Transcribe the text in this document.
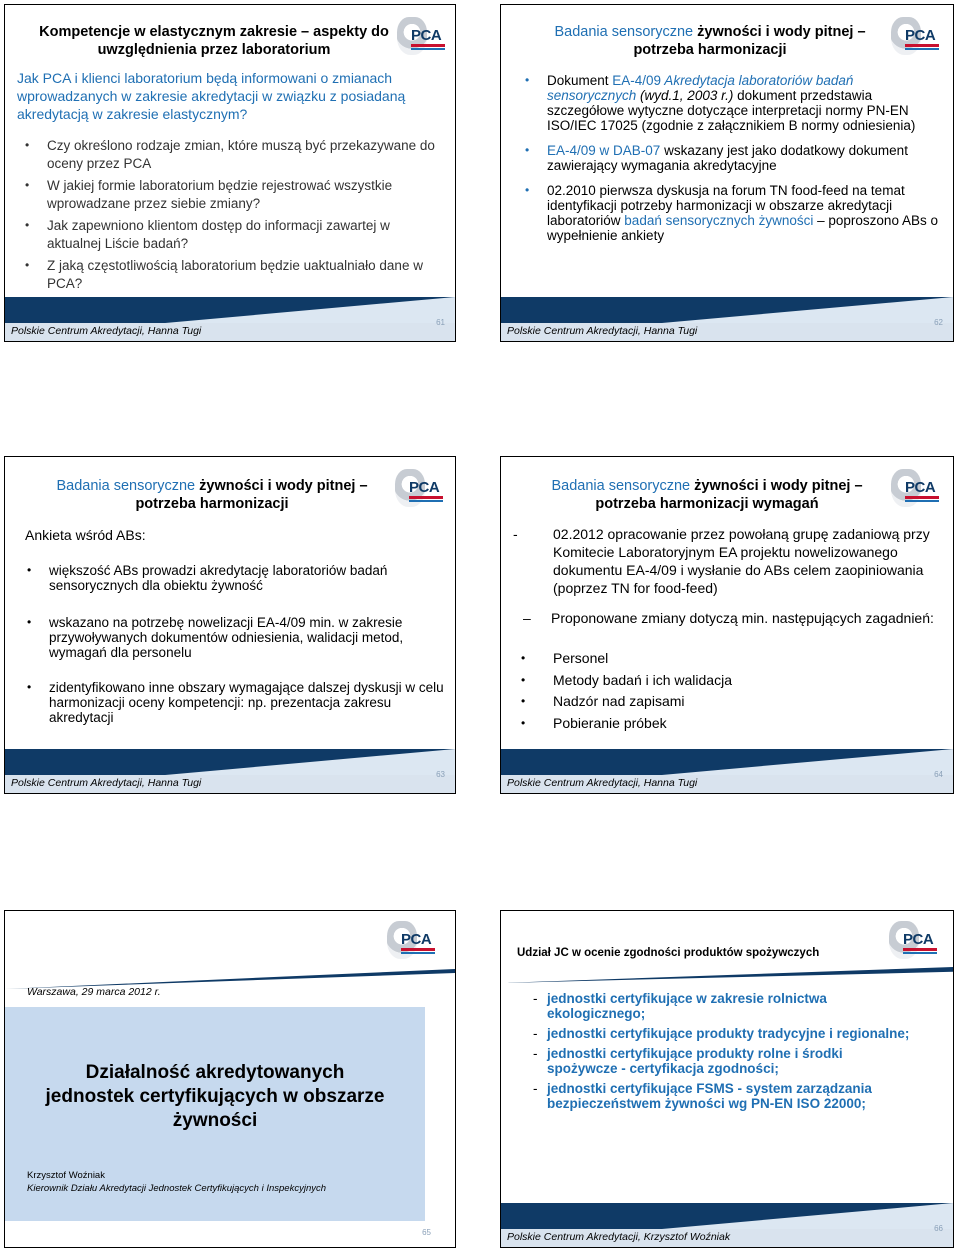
PCA
Kompetencje w elastycznym zakresie – aspekty do uwzględnienia przez laboratorium
Jak PCA i klienci laboratorium będą informowani o zmianach wprowadzanych w zakresie akredytacji w związku z posiadaną akredytacją w zakresie elastycznym?
• Czy określono rodzaje zmian, które muszą być przekazywane do oceny przez PCA
• W jakiej formie laboratorium będzie rejestrować wszystkie wprowadzane przez siebie zmiany?
• Jak zapewniono klientom dostęp do informacji zawartej w aktualnej Liście badań?
• Z jaką częstotliwością laboratorium będzie uaktualniało dane w PCA?
Polskie Centrum Akredytacji, Hanna Tugi
61
PCA
Badania sensoryczne żywności i wody pitnej – potrzeba harmonizacji
• Dokument EA-4/09 Akredytacja laboratoriów badań sensorycznych (wyd.1, 2003 r.) dokument przedstawia szczegółowe wytyczne dotyczące interpretacji normy PN-EN ISO/IEC 17025 (zgodnie z załącznikiem B normy odniesienia)
• EA-4/09 w DAB-07 wskazany jest jako dodatkowy dokument zawierający wymagania akredytacyjne
• 02.2010 pierwsza dyskusja na forum TN food-feed na temat identyfikacji potrzeby harmonizacji w obszarze akredytacji laboratoriów badań sensorycznych żywności – poproszono ABs o wypełnienie ankiety
Polskie Centrum Akredytacji, Hanna Tugi
62
PCA
Badania sensoryczne żywności i wody pitnej – potrzeba harmonizacji
Ankieta wśród ABs:
• większość ABs prowadzi akredytację laboratoriów badań sensorycznych dla obiektu żywność
• wskazano na potrzebę nowelizacji EA-4/09 min. w zakresie przywoływanych dokumentów odniesienia, walidacji metod, wymagań dla personelu
• zidentyfikowano inne obszary wymagające dalszej dyskusji w celu harmonizacji oceny kompetencji: np. prezentacja zakresu akredytacji
Polskie Centrum Akredytacji, Hanna Tugi
63
PCA
Badania sensoryczne żywności i wody pitnej – potrzeba harmonizacji wymagań
-	02.2012 opracowanie przez powołaną grupę zadaniową przy Komitecie Laboratoryjnym EA projektu nowelizowanego dokumentu EA-4/09 i wysłanie do ABs celem zaopiniowania (poprzez TN for food-feed)
–	Proponowane zmiany dotyczą min. następujących zagadnień:
• Personel
• Metody badań i ich walidacja
• Nadzór nad zapisami
• Pobieranie próbek
Polskie Centrum Akredytacji, Hanna Tugi
64
PCA
Warszawa, 29 marca 2012 r.
Działalność akredytowanych jednostek certyfikujących w obszarze żywności
Krzysztof Woźniak
Kierownik Działu Akredytacji Jednostek Certyfikujących i Inspekcyjnych
65
PCA
Udział JC w ocenie zgodności produktów spożywczych
- jednostki certyfikujące w zakresie rolnictwa ekologicznego;
- jednostki certyfikujące produkty tradycyjne i regionalne;
- jednostki certyfikujące produkty rolne i środki spożywcze - certyfikacja zgodności;
- jednostki certyfikujące FSMS - system zarządzania bezpieczeństwem żywności wg PN-EN ISO 22000;
Polskie Centrum Akredytacji, Krzysztof Woźniak
66
